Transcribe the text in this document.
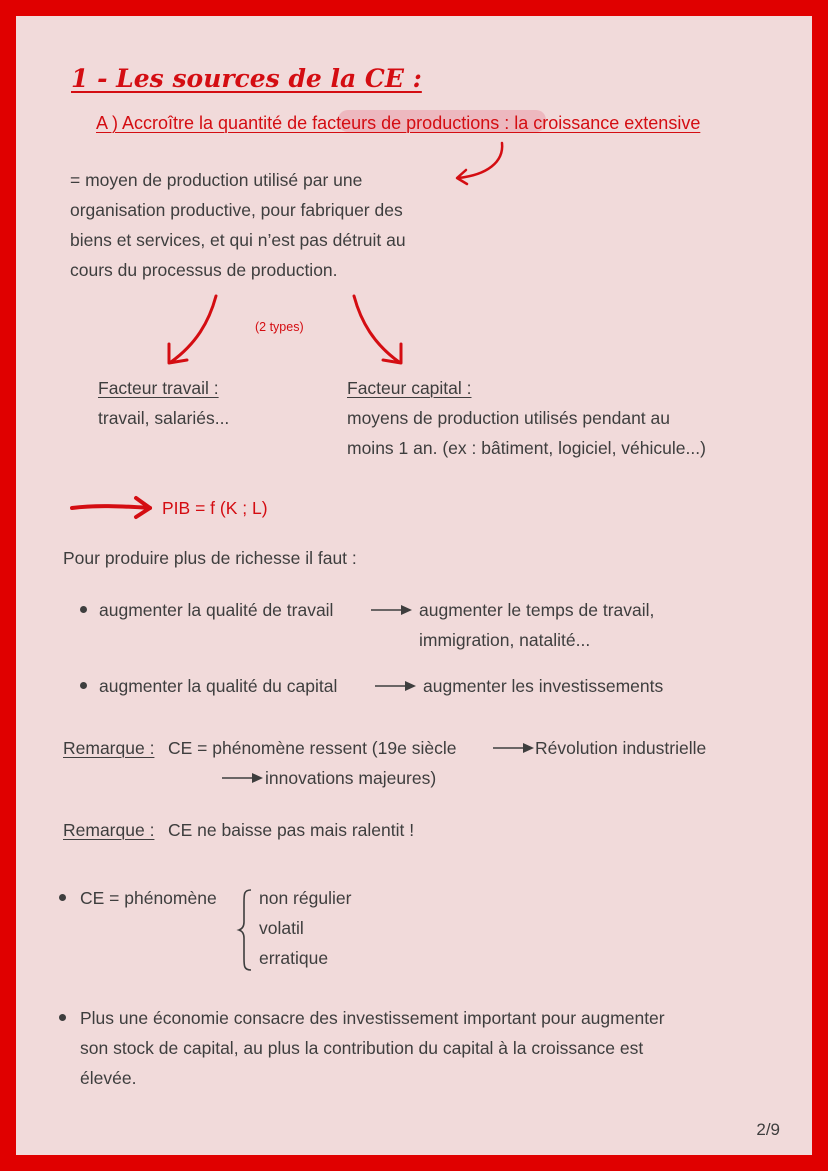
1 - Les sources de la CE :
A ) Accroître la quantité de facteurs de productions : la croissance extensive
= moyen de production utilisé par une
organisation productive, pour fabriquer des
biens et services, et qui n’est pas détruit au
cours du processus de production.
(2 types)
Facteur travail :
travail, salariés...
Facteur capital :
moyens de production utilisés pendant au
moins 1 an. (ex : bâtiment, logiciel, véhicule...)
PIB = f (K ; L)
Pour produire plus de richesse il faut :
augmenter la qualité de travail	augmenter le temps de travail,
immigration, natalité...
augmenter la qualité du capital	augmenter les investissements
Remarque : CE = phénomène ressent (19e siècle	Révolution industrielle
innovations majeures)
Remarque : CE ne baisse pas mais ralentit !
CE = phénomène non régulier
volatil
erratique
Plus une économie consacre des investissement important pour augmenter
son stock de capital, au plus la contribution du capital à la croissance est
élevée.
2/9
